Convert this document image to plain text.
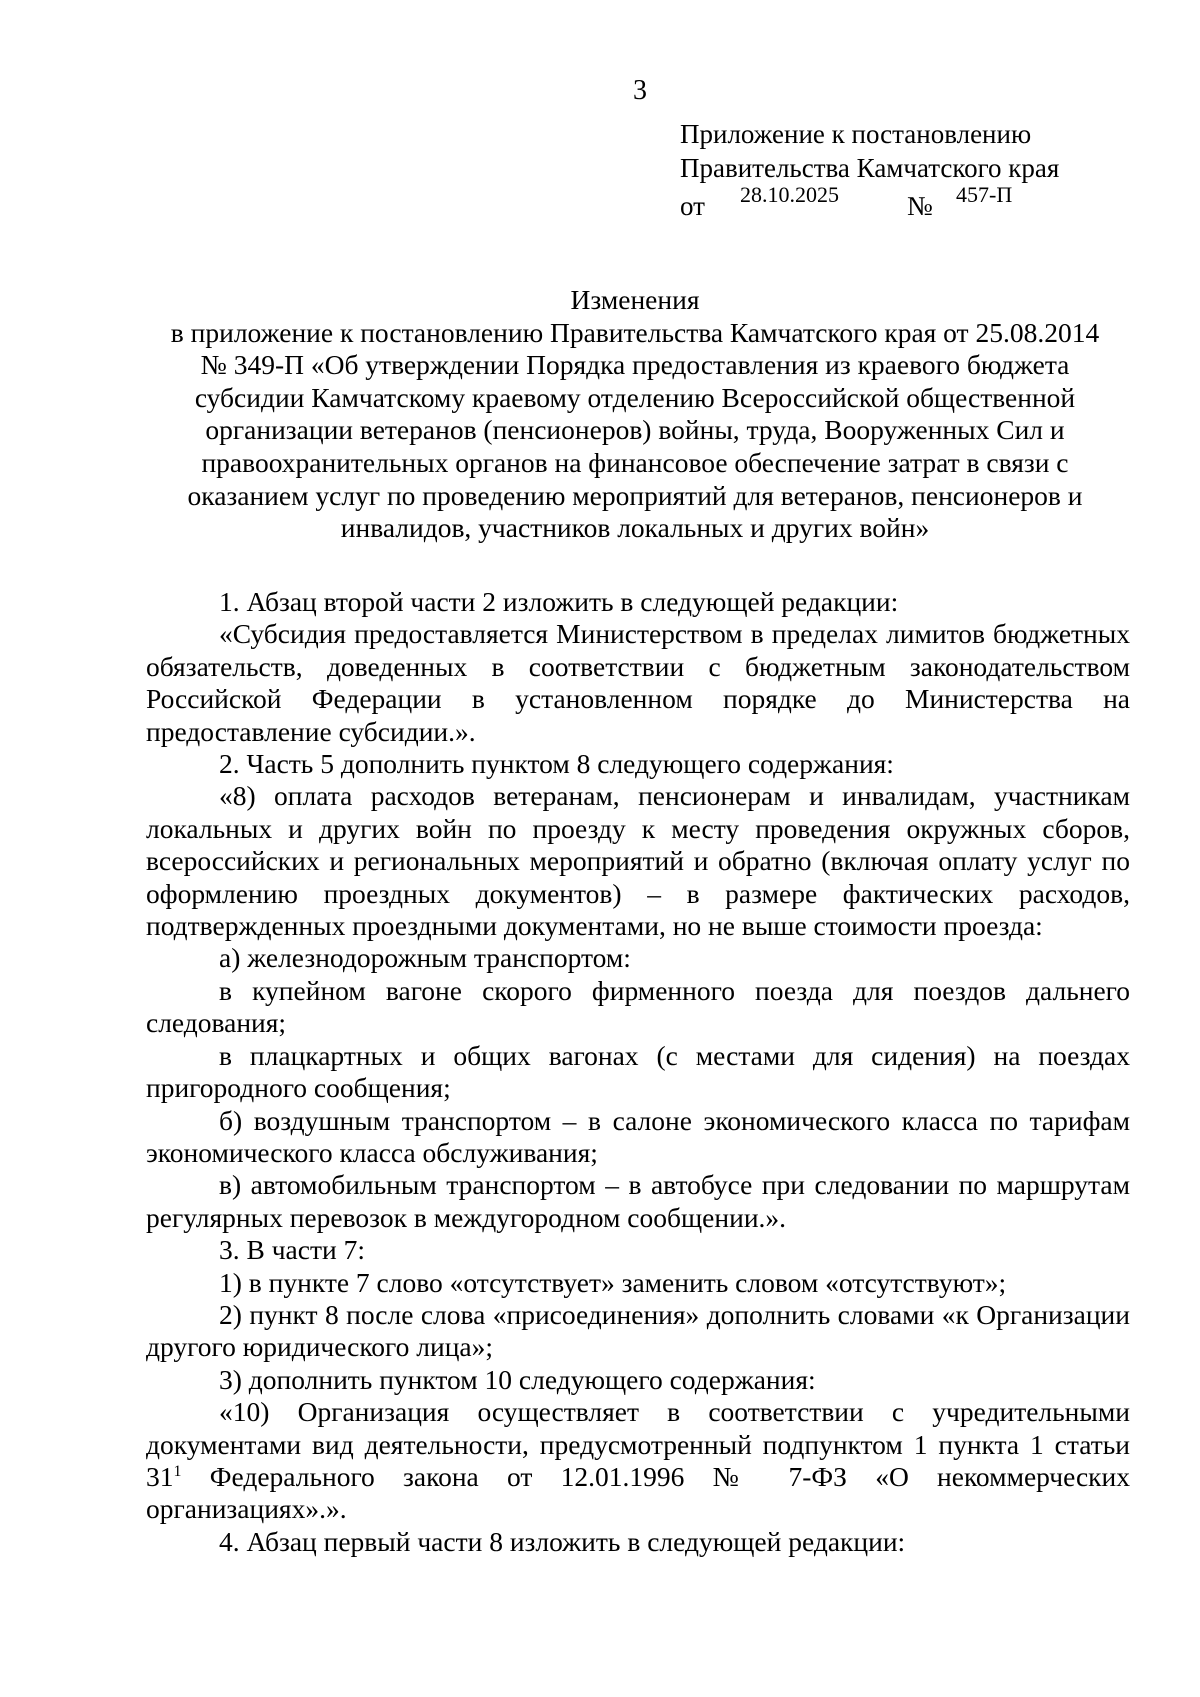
3
Приложение к постановлению
Правительства Камчатского края
от 28.10.2025	№ 457-П
Изменения
в приложение к постановлению Правительства Камчатского края от 25.08.2014
№ 349-П «Об утверждении Порядка предоставления из краевого бюджета
субсидии Камчатскому краевому отделению Всероссийской общественной
организации ветеранов (пенсионеров) войны, труда, Вооруженных Сил и
правоохранительных органов на финансовое обеспечение затрат в связи с
оказанием услуг по проведению мероприятий для ветеранов, пенсионеров и
инвалидов, участников локальных и других войн»

1. Абзац второй части 2 изложить в следующей редакции:

«Субсидия предоставляется Министерством в пределах лимитов бюджетных обязательств, доведенных в соответствии с бюджетным законодательством Российской Федерации в установленном порядке до Министерства на предоставление субсидии.».

2. Часть 5 дополнить пунктом 8 следующего содержания:

«8) оплата расходов ветеранам, пенсионерам и инвалидам, участникам локальных и других войн по проезду к месту проведения окружных сборов, всероссийских и региональных мероприятий и обратно (включая оплату услуг по оформлению проездных документов) – в размере фактических расходов, подтвержденных проездными документами, но не выше стоимости проезда:

а) железнодорожным транспортом:

в купейном вагоне скорого фирменного поезда для поездов дальнего следования;

в плацкартных и общих вагонах (с местами для сидения) на поездах пригородного сообщения;

б) воздушным транспортом – в салоне экономического класса по тарифам экономического класса обслуживания;

в) автомобильным транспортом – в автобусе при следовании по маршрутам регулярных перевозок в междугородном сообщении.».

3. В части 7:

1) в пункте 7 слово «отсутствует» заменить словом «отсутствуют»;

2) пункт 8 после слова «присоединения» дополнить словами «к Организации другого юридического лица»;

3) дополнить пунктом 10 следующего содержания:

«10) Организация осуществляет в соответствии с учредительными документами вид деятельности, предусмотренный подпунктом 1 пункта 1 статьи $31^1$ Федерального закона от 12.01.1996 № 7-ФЗ «О некоммерческих организациях».».

4. Абзац первый части 8 изложить в следующей редакции:
